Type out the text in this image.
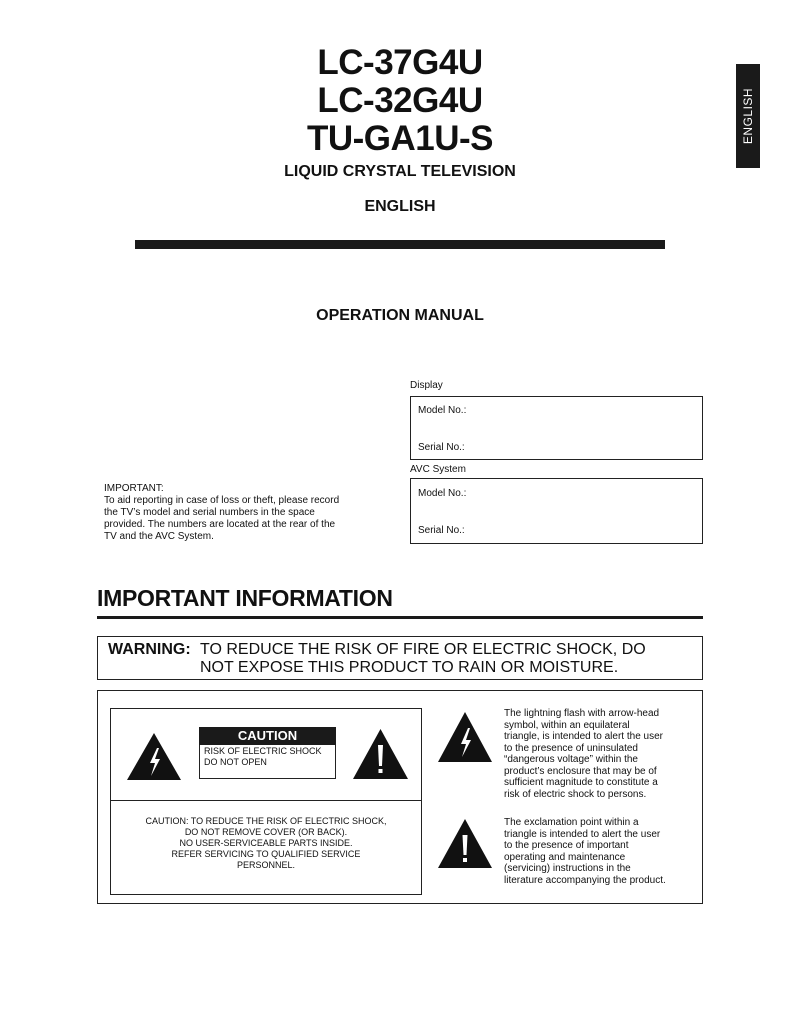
LC-37G4U
LC-32G4U
TU-GA1U-S
LIQUID CRYSTAL TELEVISION
ENGLISH
ENGLISH
OPERATION MANUAL
Display
Model No.:
Serial No.:
AVC System
Model No.:
Serial No.:
IMPORTANT:
To aid reporting in case of loss or theft, please record
the TV’s model and serial numbers in the space
provided. The numbers are located at the rear of the
TV and the AVC System.
IMPORTANT INFORMATION
WARNING: TO REDUCE THE RISK OF FIRE OR ELECTRIC SHOCK, DO
NOT EXPOSE THIS PRODUCT TO RAIN OR MOISTURE.
CAUTION
RISK OF ELECTRIC SHOCK
DO NOT OPEN
CAUTION: TO REDUCE THE RISK OF ELECTRIC SHOCK,
DO NOT REMOVE COVER (OR BACK).
NO USER-SERVICEABLE PARTS INSIDE.
REFER SERVICING TO QUALIFIED SERVICE
PERSONNEL.
The lightning flash with arrow-head
symbol, within an equilateral
triangle, is intended to alert the user
to the presence of uninsulated
“dangerous voltage” within the
product’s enclosure that may be of
sufficient magnitude to constitute a
risk of electric shock to persons.
The exclamation point within a
triangle is intended to alert the user
to the presence of important
operating and maintenance
(servicing) instructions in the
literature accompanying the product.
